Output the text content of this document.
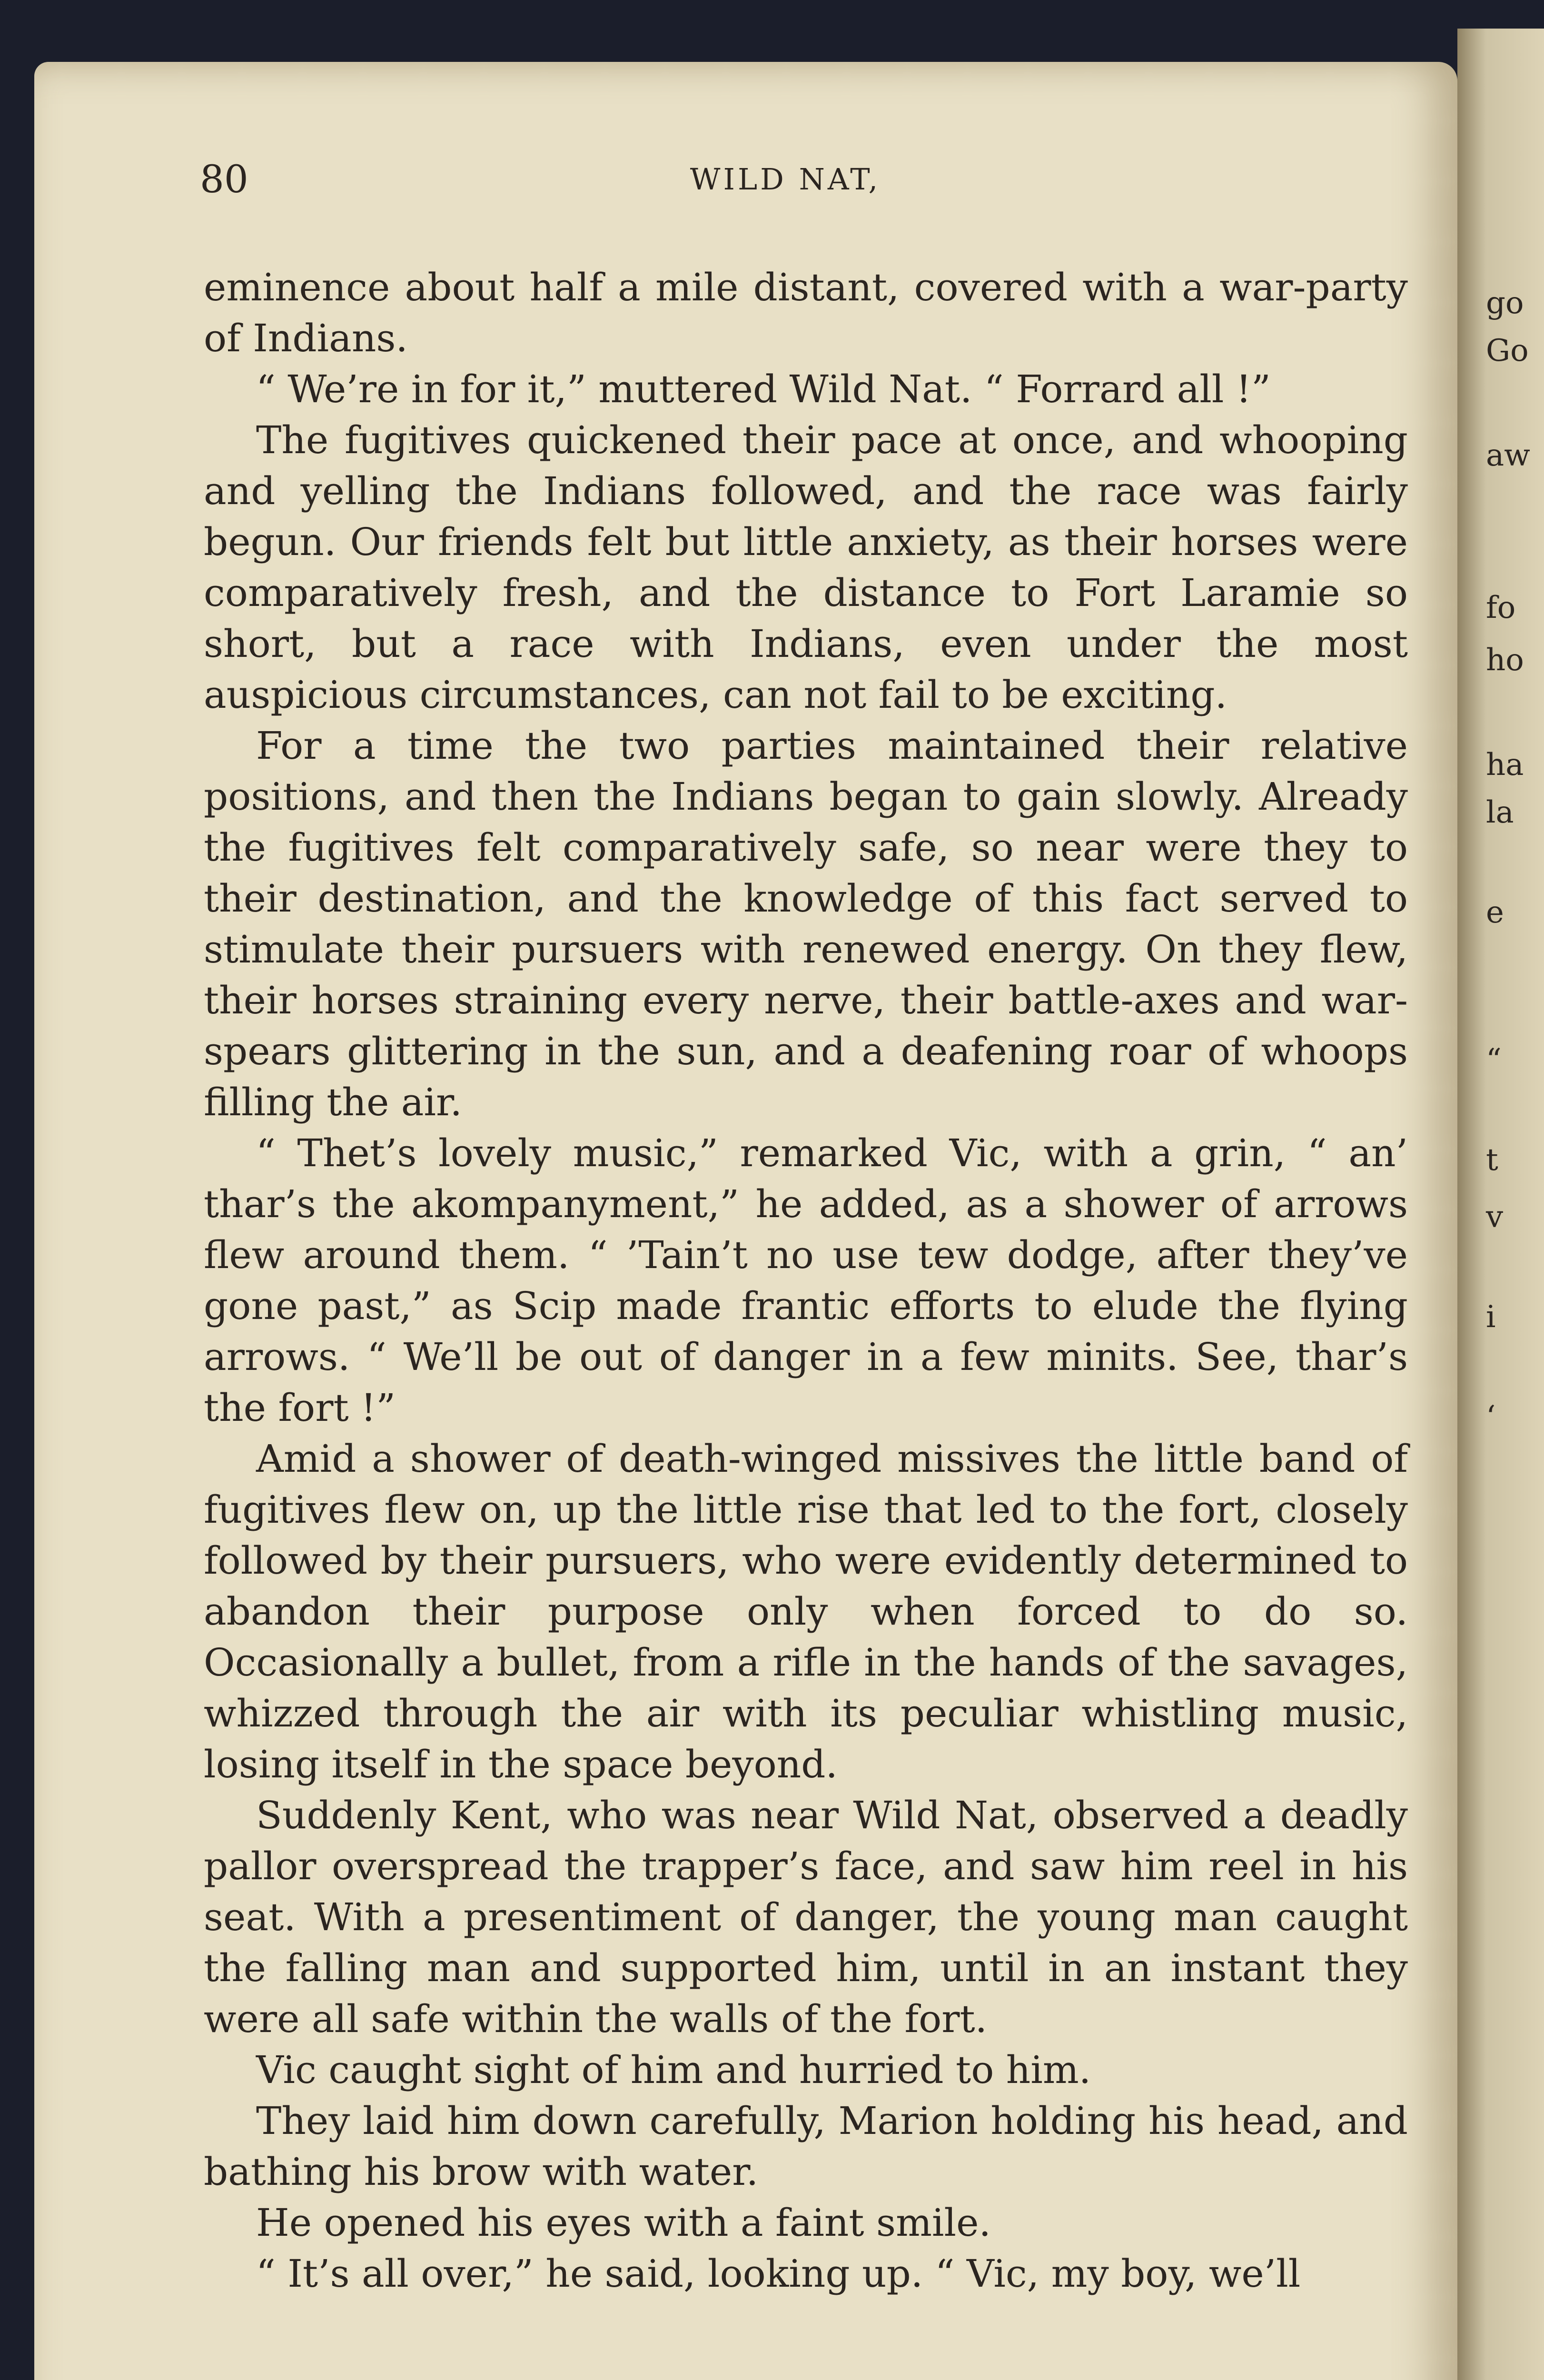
go
Go
aw
fo
ho
ha
la
e
“
t
v
i
‘
80	WILD NAT,

eminence about half a mile distant, covered with a war-party of Indians.

“ We’re in for it,” muttered Wild Nat. “ Forrard all !”

The fugitives quickened their pace at once, and whooping and yelling the Indians followed, and the race was fairly begun. Our friends felt but little anxiety, as their horses were comparatively fresh, and the distance to Fort Laramie so short, but a race with Indians, even under the most auspicious circumstances, can not fail to be exciting.

For a time the two parties maintained their relative positions, and then the Indians began to gain slowly. Already the fugitives felt comparatively safe, so near were they to their destination, and the knowledge of this fact served to stimulate their pursuers with renewed energy. On they flew, their horses straining every nerve, their battle-axes and war-spears glittering in the sun, and a deafening roar of whoops filling the air.

“ Thet’s lovely music,” remarked Vic, with a grin, “ an’ thar’s the akompanyment,” he added, as a shower of arrows flew around them. “ ’Tain’t no use tew dodge, after they’ve gone past,” as Scip made frantic efforts to elude the flying arrows. “ We’ll be out of danger in a few minits. See, thar’s the fort !”

Amid a shower of death-winged missives the little band of fugitives flew on, up the little rise that led to the fort, closely followed by their pursuers, who were evidently determined to abandon their purpose only when forced to do so. Occasionally a bullet, from a rifle in the hands of the savages, whizzed through the air with its peculiar whistling music, losing itself in the space beyond.

Suddenly Kent, who was near Wild Nat, observed a deadly pallor overspread the trapper’s face, and saw him reel in his seat. With a presentiment of danger, the young man caught the falling man and supported him, until in an instant they were all safe within the walls of the fort.

Vic caught sight of him and hurried to him.

They laid him down carefully, Marion holding his head, and bathing his brow with water.

He opened his eyes with a faint smile.

“ It’s all over,” he said, looking up. “ Vic, my boy, we’ll
